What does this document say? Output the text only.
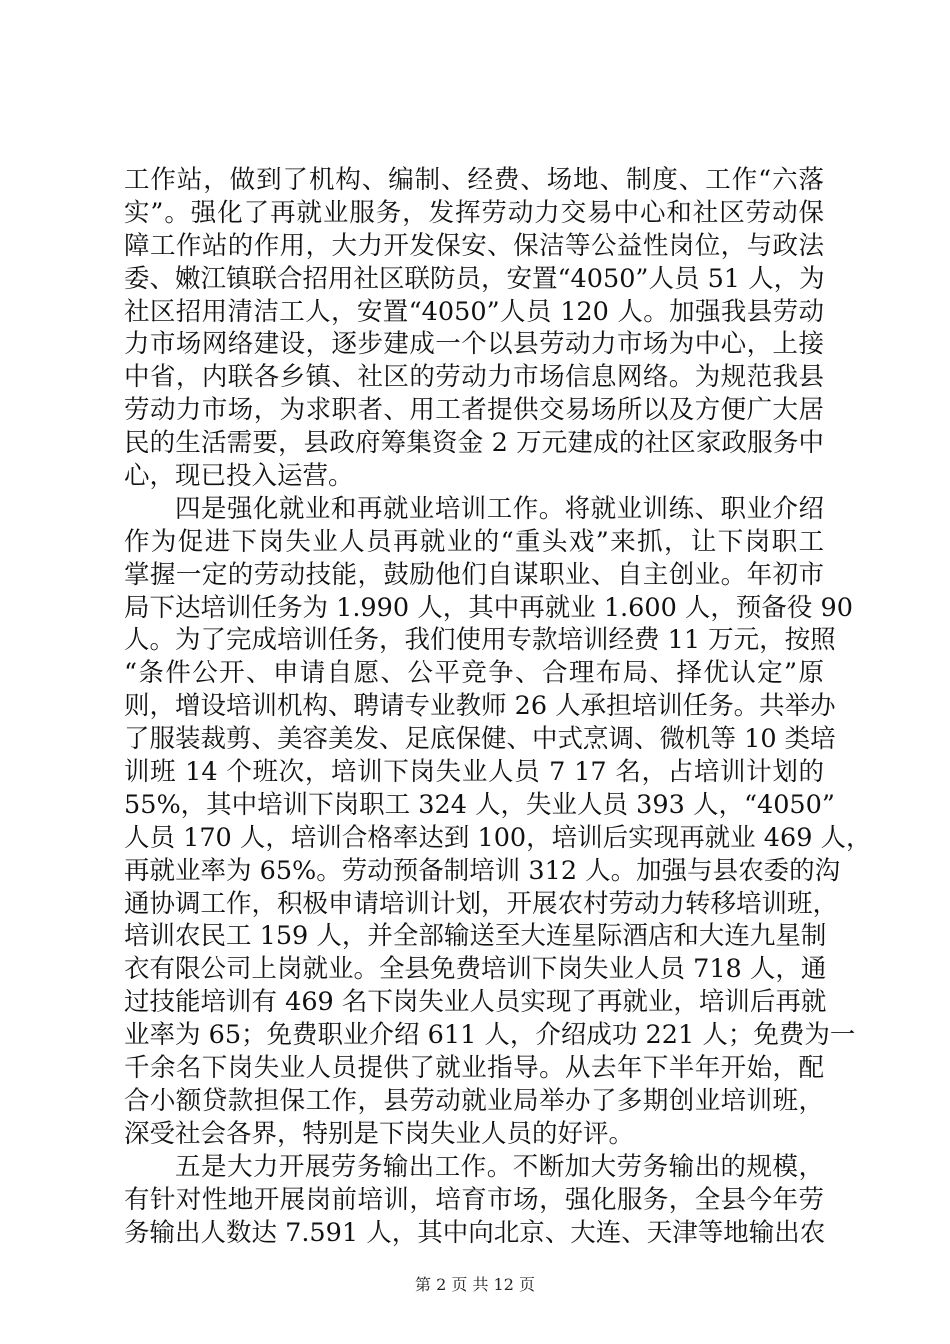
工作站，做到了机构、编制、经费、场地、制度、工作“六落
实”。强化了再就业服务，发挥劳动力交易中心和社区劳动保
障工作站的作用，大力开发保安、保洁等公益性岗位，与政法
委、嫩江镇联合招用社区联防员，安置“4050”人员 51 人，为
社区招用清洁工人，安置“4050”人员 120 人。加强我县劳动
力市场网络建设，逐步建成一个以县劳动力市场为中心，上接
中省，内联各乡镇、社区的劳动力市场信息网络。为规范我县
劳动力市场，为求职者、用工者提供交易场所以及方便广大居
民的生活需要，县政府筹集资金 2 万元建成的社区家政服务中
心，现已投入运营。
四是强化就业和再就业培训工作。将就业训练、职业介绍
作为促进下岗失业人员再就业的“重头戏”来抓，让下岗职工
掌握一定的劳动技能，鼓励他们自谋职业、自主创业。年初市
局下达培训任务为 1.990 人，其中再就业 1.600 人，预备役 90
人。为了完成培训任务，我们使用专款培训经费 11 万元，按照
“条件公开、申请自愿、公平竞争、合理布局、择优认定”原
则，增设培训机构、聘请专业教师 26 人承担培训任务。共举办
了服装裁剪、美容美发、足底保健、中式烹调、微机等 10 类培
训班 14 个班次，培训下岗失业人员 7 17 名，占培训计划的
55%，其中培训下岗职工 324 人，失业人员 393 人，“4050”
人员 170 人，培训合格率达到 100，培训后实现再就业 469 人，
再就业率为 65%。劳动预备制培训 312 人。加强与县农委的沟
通协调工作，积极申请培训计划，开展农村劳动力转移培训班，
培训农民工 159 人，并全部输送至大连星际酒店和大连九星制
衣有限公司上岗就业。全县免费培训下岗失业人员 718 人，通
过技能培训有 469 名下岗失业人员实现了再就业，培训后再就
业率为 65；免费职业介绍 611 人，介绍成功 221 人；免费为一
千余名下岗失业人员提供了就业指导。从去年下半年开始，配
合小额贷款担保工作，县劳动就业局举办了多期创业培训班，
深受社会各界，特别是下岗失业人员的好评。
五是大力开展劳务输出工作。不断加大劳务输出的规模，
有针对性地开展岗前培训，培育市场，强化服务，全县今年劳
务输出人数达 7.591 人，其中向北京、大连、天津等地输出农
第 2 页 共 12 页
